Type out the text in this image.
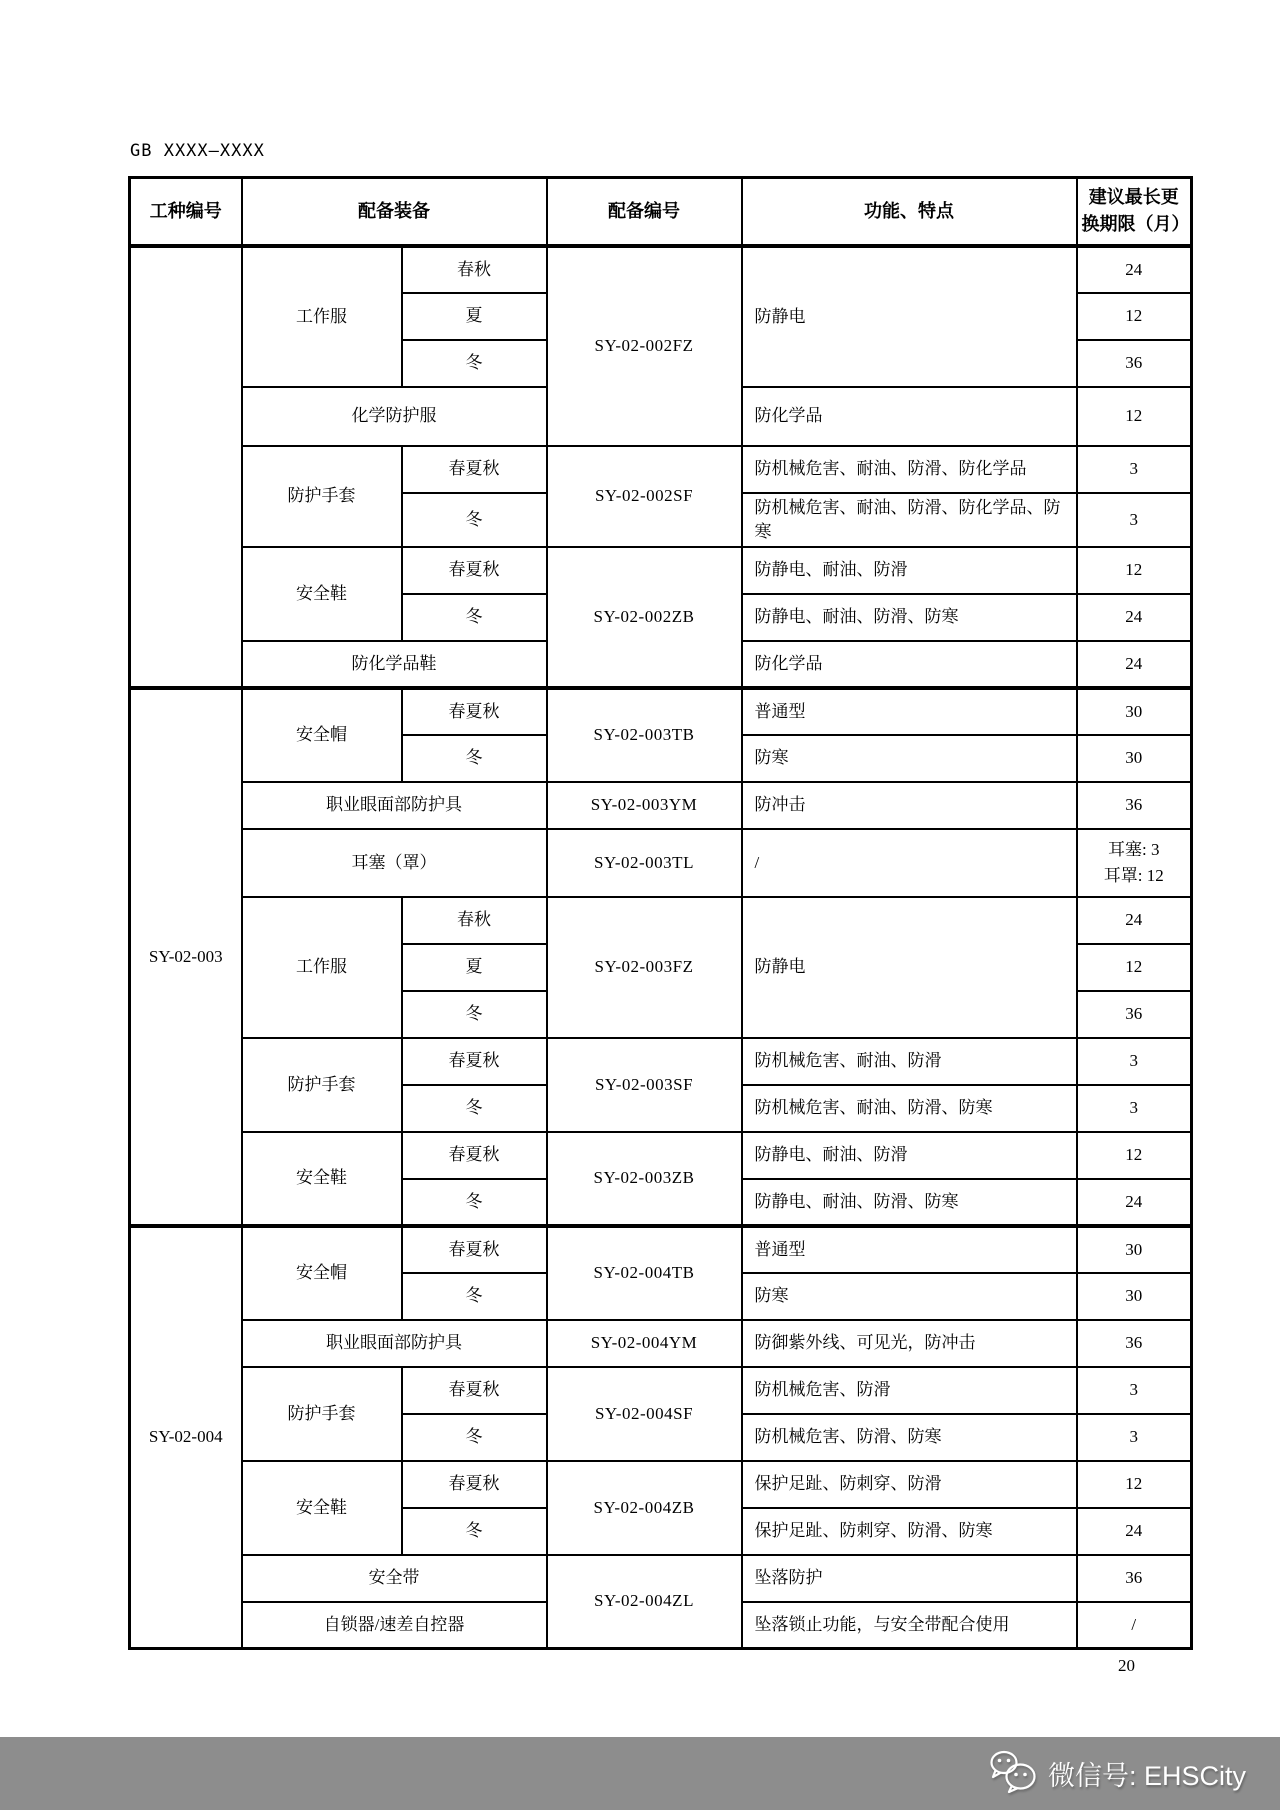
GB XXXX—XXXX
工种编号	配备装备		配备编号	功能、特点	建议最长更换期限（月）
	工作服	春秋	SY-02-002FZ	防静电	24
		夏			12
		冬			36
	化学防护服			防化学品	12
	防护手套	春夏秋	SY-02-002SF	防机械危害、耐油、防滑、防化学品	3
		冬		防机械危害、耐油、防滑、防化学品、防寒	3
	安全鞋	春夏秋	SY-02-002ZB	防静电、耐油、防滑	12
		冬		防静电、耐油、防滑、防寒	24
	防化学品鞋			防化学品	24
SY-02-003	安全帽	春夏秋	SY-02-003TB	普通型	30
		冬		防寒	30
	职业眼面部防护具		SY-02-003YM	防冲击	36
	耳塞（罩）		SY-02-003TL	/	耳塞: 3
耳罩: 12

	工作服	春秋	SY-02-003FZ	防静电	24
		夏			12
		冬			36
	防护手套	春夏秋	SY-02-003SF	防机械危害、耐油、防滑	3
		冬		防机械危害、耐油、防滑、防寒	3
	安全鞋	春夏秋	SY-02-003ZB	防静电、耐油、防滑	12
		冬		防静电、耐油、防滑、防寒	24
SY-02-004	安全帽	春夏秋	SY-02-004TB	普通型	30
		冬		防寒	30
	职业眼面部防护具		SY-02-004YM	防御紫外线、可见光，防冲击	36
	防护手套	春夏秋	SY-02-004SF	防机械危害、防滑	3
		冬		防机械危害、防滑、防寒	3
	安全鞋	春夏秋	SY-02-004ZB	保护足趾、防刺穿、防滑	12
		冬		保护足趾、防刺穿、防滑、防寒	24
	安全带		SY-02-004ZL	坠落防护	36
	自锁器/速差自控器			坠落锁止功能，与安全带配合使用	/
20
微信号: EHSCity
